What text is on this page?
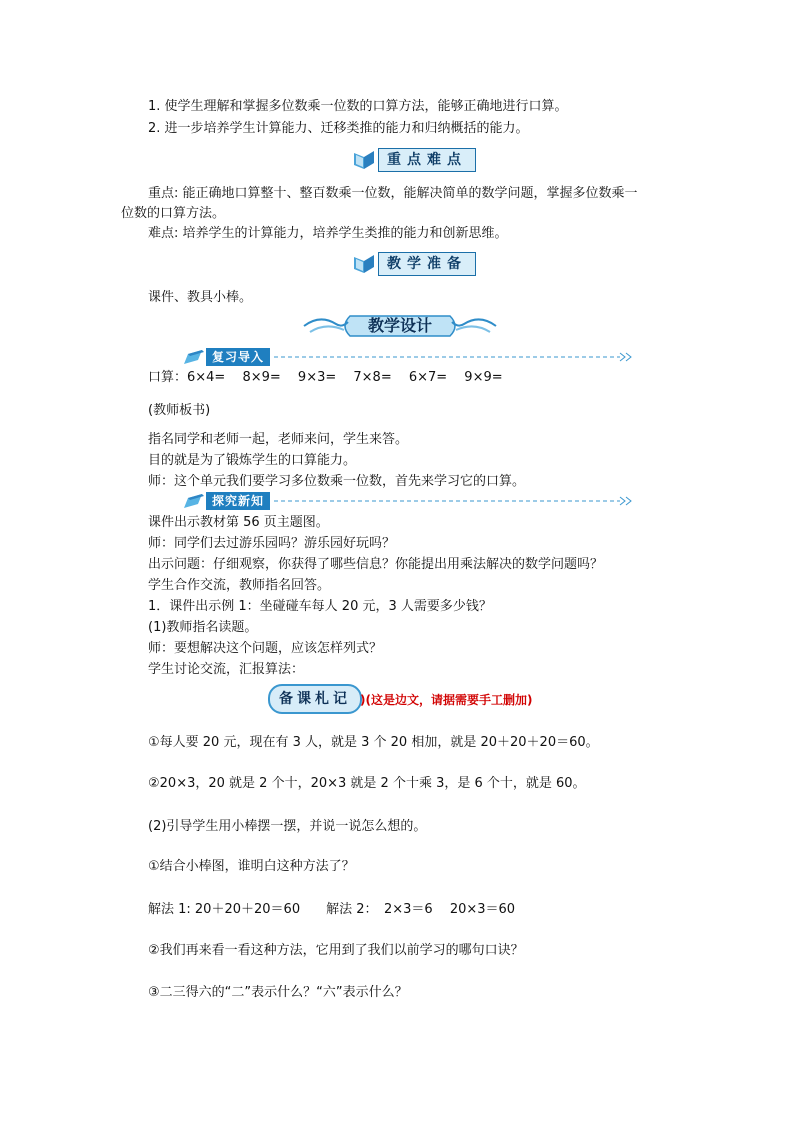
1. 使学生理解和掌握多位数乘一位数的口算方法，能够正确地进行口算。
2. 进一步培养学生计算能力、迁移类推的能力和归纳概括的能力。
重点难点
重点: 能正确地口算整十、整百数乘一位数，能解决简单的数学问题，掌握多位数乘一
位数的口算方法。
难点: 培养学生的计算能力，培养学生类推的能力和创新思维。
教学准备
课件、教具小棒。
教学设计
复习导入
口算：6×4=　 8×9=　 9×3=　 7×8=　 6×7=　 9×9=
(教师板书)
指名同学和老师一起，老师来问，学生来答。
目的就是为了锻炼学生的口算能力。
师：这个单元我们要学习多位数乘一位数，首先来学习它的口算。
探究新知
课件出示教材第 56 页主题图。
师：同学们去过游乐园吗？游乐园好玩吗？
出示问题：仔细观察，你获得了哪些信息？你能提出用乘法解决的数学问题吗？
学生合作交流，教师指名回答。
1．课件出示例 1：坐碰碰车每人 20 元，3 人需要多少钱？
(1)教师指名读题。
师：要想解决这个问题，应该怎样列式？
学生讨论交流，汇报算法：
备课札记 )(这是边文，请据需要手工删加)
①每人要 20 元，现在有 3 人，就是 3 个 20 相加，就是 20＋20＋20＝60。
②20×3，20 就是 2 个十，20×3 就是 2 个十乘 3，是 6 个十，就是 60。
(2)引导学生用小棒摆一摆，并说一说怎么想的。
①结合小棒图，谁明白这种方法了？
解法 1: 20＋20＋20＝60　　解法 2：　2×3＝6　 20×3＝60
②我们再来看一看这种方法，它用到了我们以前学习的哪句口诀？
③二三得六的“二”表示什么？“六”表示什么？
